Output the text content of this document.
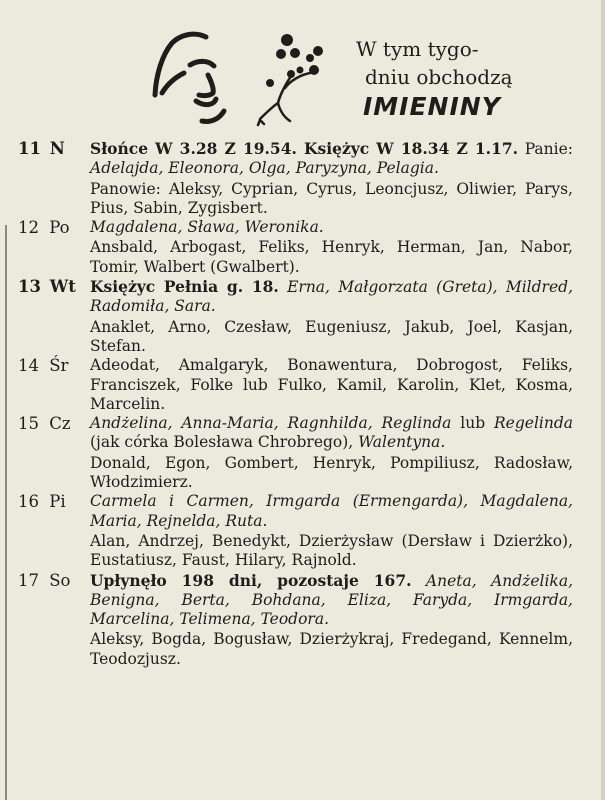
W tym tygo-
dniu obchodzą
IMIENINY
11 N Słońce W 3.28 Z 19.54. Księżyc W 18.34 Z 1.17. Panie: Adelajda, Eleonora, Olga, Paryzyna, Pelagia.

Panowie: Aleksy, Cyprian, Cyrus, Leoncjusz, Oliwier, Parys, Pius, Sabin, Zygisbert.

12 Po Magdalena, Sława, Weronika.

Ansbald, Arbogast, Feliks, Henryk, Herman, Jan, Nabor, Tomir, Walbert (Gwalbert).

13 Wt Księżyc Pełnia g. 18. Erna, Małgorzata (Greta), Mildred, Radomiła, Sara.

Anaklet, Arno, Czesław, Eugeniusz, Jakub, Joel, Kasjan, Stefan.

14 Śr Adeodat, Amalgaryk, Bonawentura, Dobrogost, Feliks, Franciszek, Folke lub Fulko, Kamil, Karolin, Klet, Kosma, Marcelin.

15 Cz Andżelina, Anna-Maria, Ragnhilda, Reglinda lub Regelinda (jak córka Bolesława Chrobrego), Walentyna.

Donald, Egon, Gombert, Henryk, Pompiliusz, Radosław, Włodzimierz.

16 Pi Carmela i Carmen, Irmgarda (Ermengarda), Magdalena, Maria, Rejnelda, Ruta.

Alan, Andrzej, Benedykt, Dzierżysław (Dersław i Dzierżko), Eustatiusz, Faust, Hilary, Rajnold.

17 So Upłynęło 198 dni, pozostaje 167. Aneta, Andżelika, Benigna, Berta, Bohdana, Eliza, Faryda, Irmgarda, Marcelina, Telimena, Teodora.

Aleksy, Bogda, Bogusław, Dzierżykraj, Fredegand, Kennelm, Teodozjusz.
